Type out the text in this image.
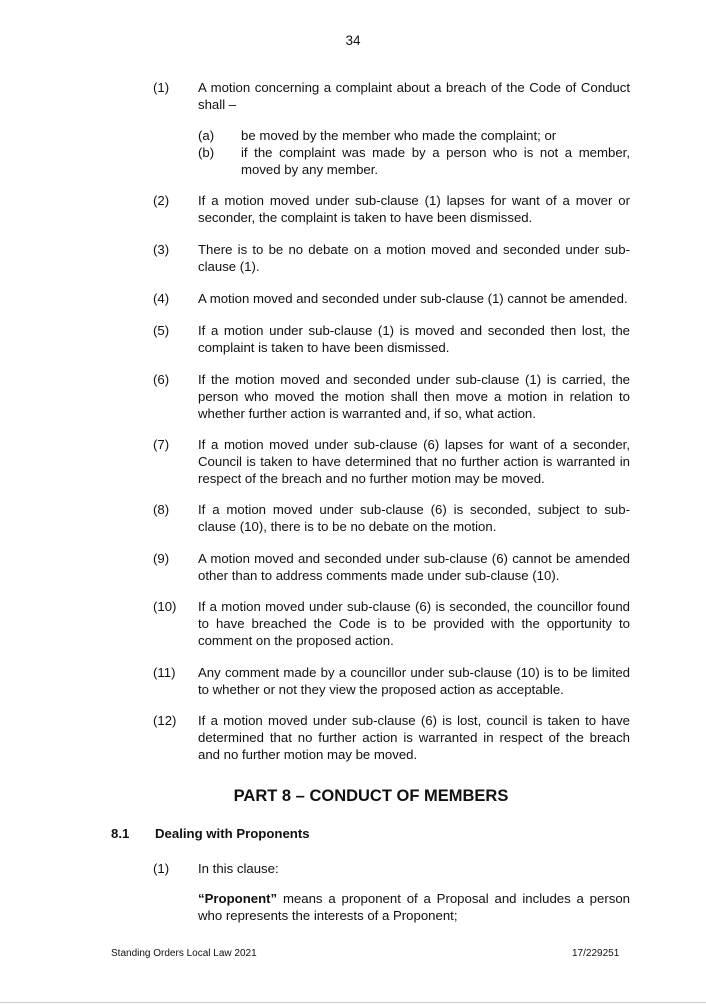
34
(1) A motion concerning a complaint about a breach of the Code of Conduct shall –
(a) be moved by the member who made the complaint; or
(b) if the complaint was made by a person who is not a member, moved by any member.
(2) If a motion moved under sub-clause (1) lapses for want of a mover or seconder, the complaint is taken to have been dismissed.
(3) There is to be no debate on a motion moved and seconded under sub-clause (1).
(4) A motion moved and seconded under sub-clause (1) cannot be amended.
(5) If a motion under sub-clause (1) is moved and seconded then lost, the complaint is taken to have been dismissed.
(6) If the motion moved and seconded under sub-clause (1) is carried, the person who moved the motion shall then move a motion in relation to whether further action is warranted and, if so, what action.
(7) If a motion moved under sub-clause (6) lapses for want of a seconder, Council is taken to have determined that no further action is warranted in respect of the breach and no further motion may be moved.
(8) If a motion moved under sub-clause (6) is seconded, subject to sub-clause (10), there is to be no debate on the motion.
(9) A motion moved and seconded under sub-clause (6) cannot be amended other than to address comments made under sub-clause (10).
(10) If a motion moved under sub-clause (6) is seconded, the councillor found to have breached the Code is to be provided with the opportunity to comment on the proposed action.
(11) Any comment made by a councillor under sub-clause (10) is to be limited to whether or not they view the proposed action as acceptable.
(12) If a motion moved under sub-clause (6) is lost, council is taken to have determined that no further action is warranted in respect of the breach and no further motion may be moved.
PART 8 – CONDUCT OF MEMBERS
8.1 Dealing with Proponents
(1) In this clause:
“Proponent” means a proponent of a Proposal and includes a person who represents the interests of a Proponent;
Standing Orders Local Law 2021	17/229251
